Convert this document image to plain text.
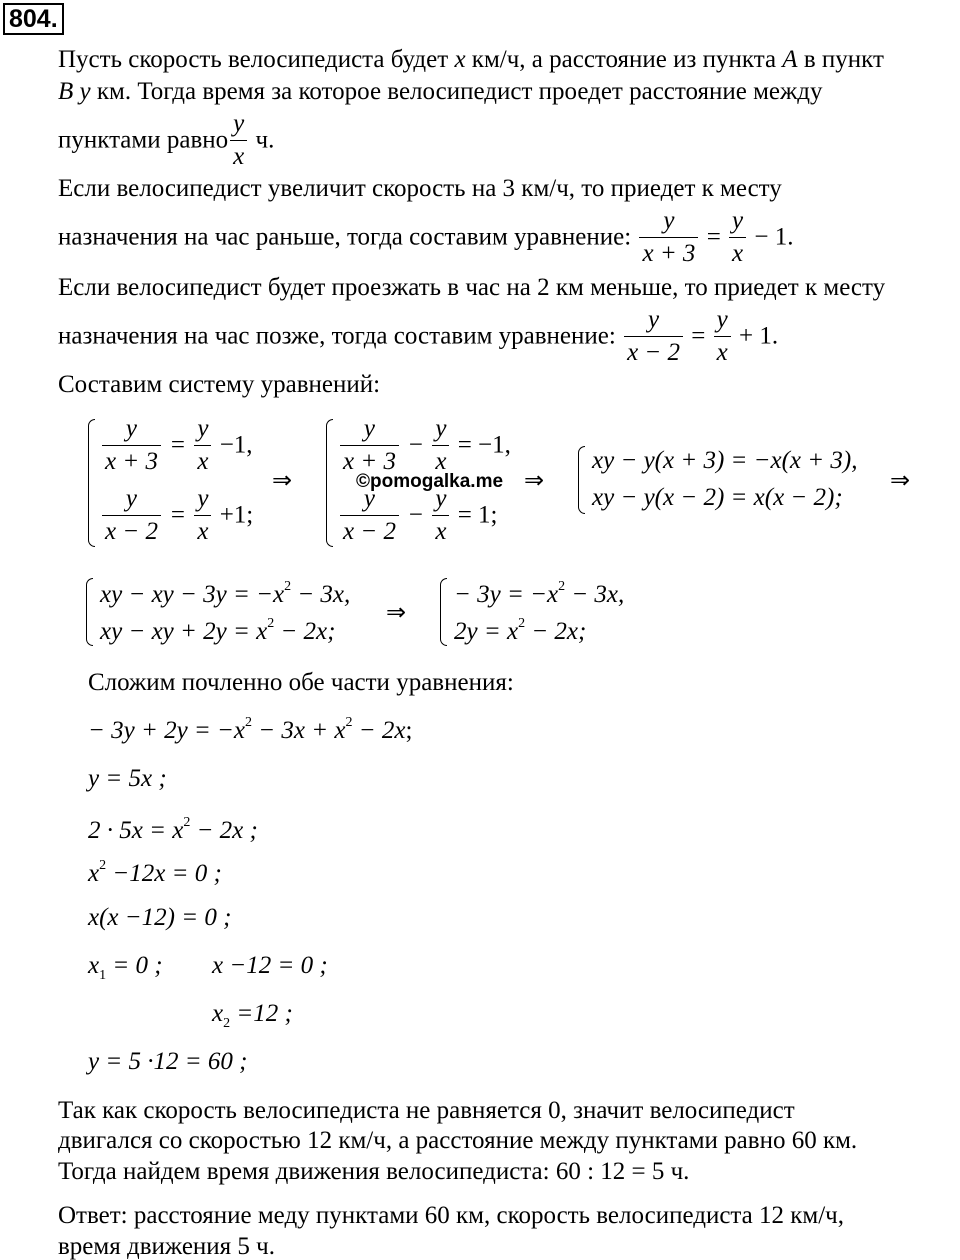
804.
Пусть скорость велосипедиста будет x км/ч, а расстояние из пункта A в пункт
B y км. Тогда время за которое велосипедист проедет расстояние между
пунктами равно $\frac{y}{x} ч$.
Если велосипедист увеличит скорость на 3 км/ч, то приедет к месту
назначения на час раньше, тогда составим уравнение: $\frac{y}{x + 3} = \frac{y}{x} - 1$.
Если велосипедист будет проезжать в час на 2 км меньше, то приедет к месту
назначения на час позже, тогда составим уравнение: $\frac{y}{x - 2} = \frac{y}{x} + 1$.
Составим систему уравнений:
$\frac{y}{x + 3} = \frac{y}{x} -1$,
$\frac{y}{x - 2} = \frac{y}{x} +1$;
⇒
$\frac{y}{x + 3} - \frac{y}{x} = -1$,
$\frac{y}{x - 2} - \frac{y}{x} = 1$;
©pomogalka.me ⇒
xy − y(x + 3) = −x(x + 3),
xy − y(x − 2) = x(x − 2);
⇒
xy − xy − $3y = -x^2 - 3x$,
xy − xy + $2y = x^2 - 2x$;
⇒
− $3y = -x^2 - 3x$,
$2y = x^2 - 2x$;
Сложим почленно обе части уравнения:
− $3y + 2y = -x^2 - 3x + x^2 - 2x$;
y = 5x ;
$2 \cdot 5x = x^2 - 2x$ ;
$x^2 -12x = 0$ ;
x(x −12) = 0 ;
$x_1 = 0$ ; x −12 = 0 ;
$x_2 =12$ ;
y = 5 ·12 = 60 ;
Так как скорость велосипедиста не равняется 0, значит велосипедист
двигался со скоростью 12 км/ч, а расстояние между пунктами равно 60 км.
Тогда найдем время движения велосипедиста: 60 : 12 = 5 ч.
Ответ: расстояние меду пунктами 60 км, скорость велосипедиста 12 км/ч,
время движения 5 ч.
